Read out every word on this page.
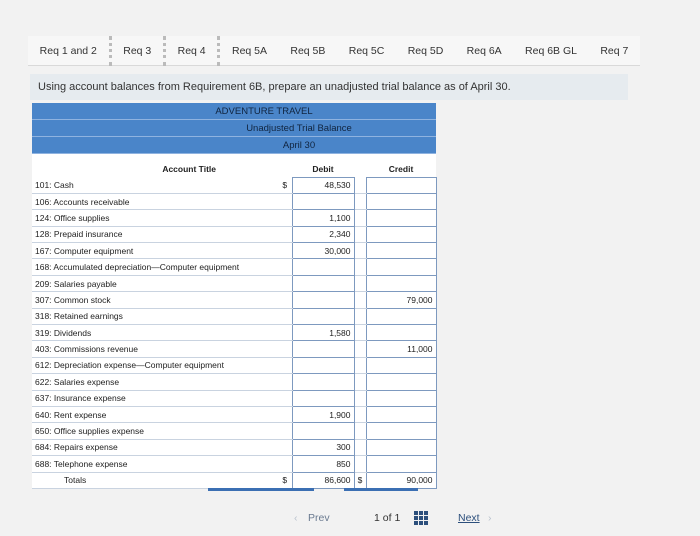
Req 1 and 2	Req 3	Req 4	Req 5A	Req 5B	Req 5C	Req 5D	Req 6A	Req 6B GL	Req 7
Using account balances from Requirement 6B, prepare an unadjusted trial balance as of April 30.
ADVENTURE TRAVEL
Unadjusted Trial Balance
April 30
Account Title		Debit		Credit
101: Cash	$	48,530		
106: Accounts receivable				
124: Office supplies		1,100		
128: Prepaid insurance		2,340		
167: Computer equipment		30,000		
168: Accumulated depreciation—Computer equipment				
209: Salaries payable				
307: Common stock				79,000
318: Retained earnings				
319: Dividends		1,580		
403: Commissions revenue				11,000
612: Depreciation expense—Computer equipment				
622: Salaries expense				
637: Insurance expense				
640: Rent expense		1,900		
650: Office supplies expense				
684: Repairs expense		300		
688: Telephone expense		850		
Totals	$	86,600	$	90,000
‹ Prev	1 of 1	Next ›
